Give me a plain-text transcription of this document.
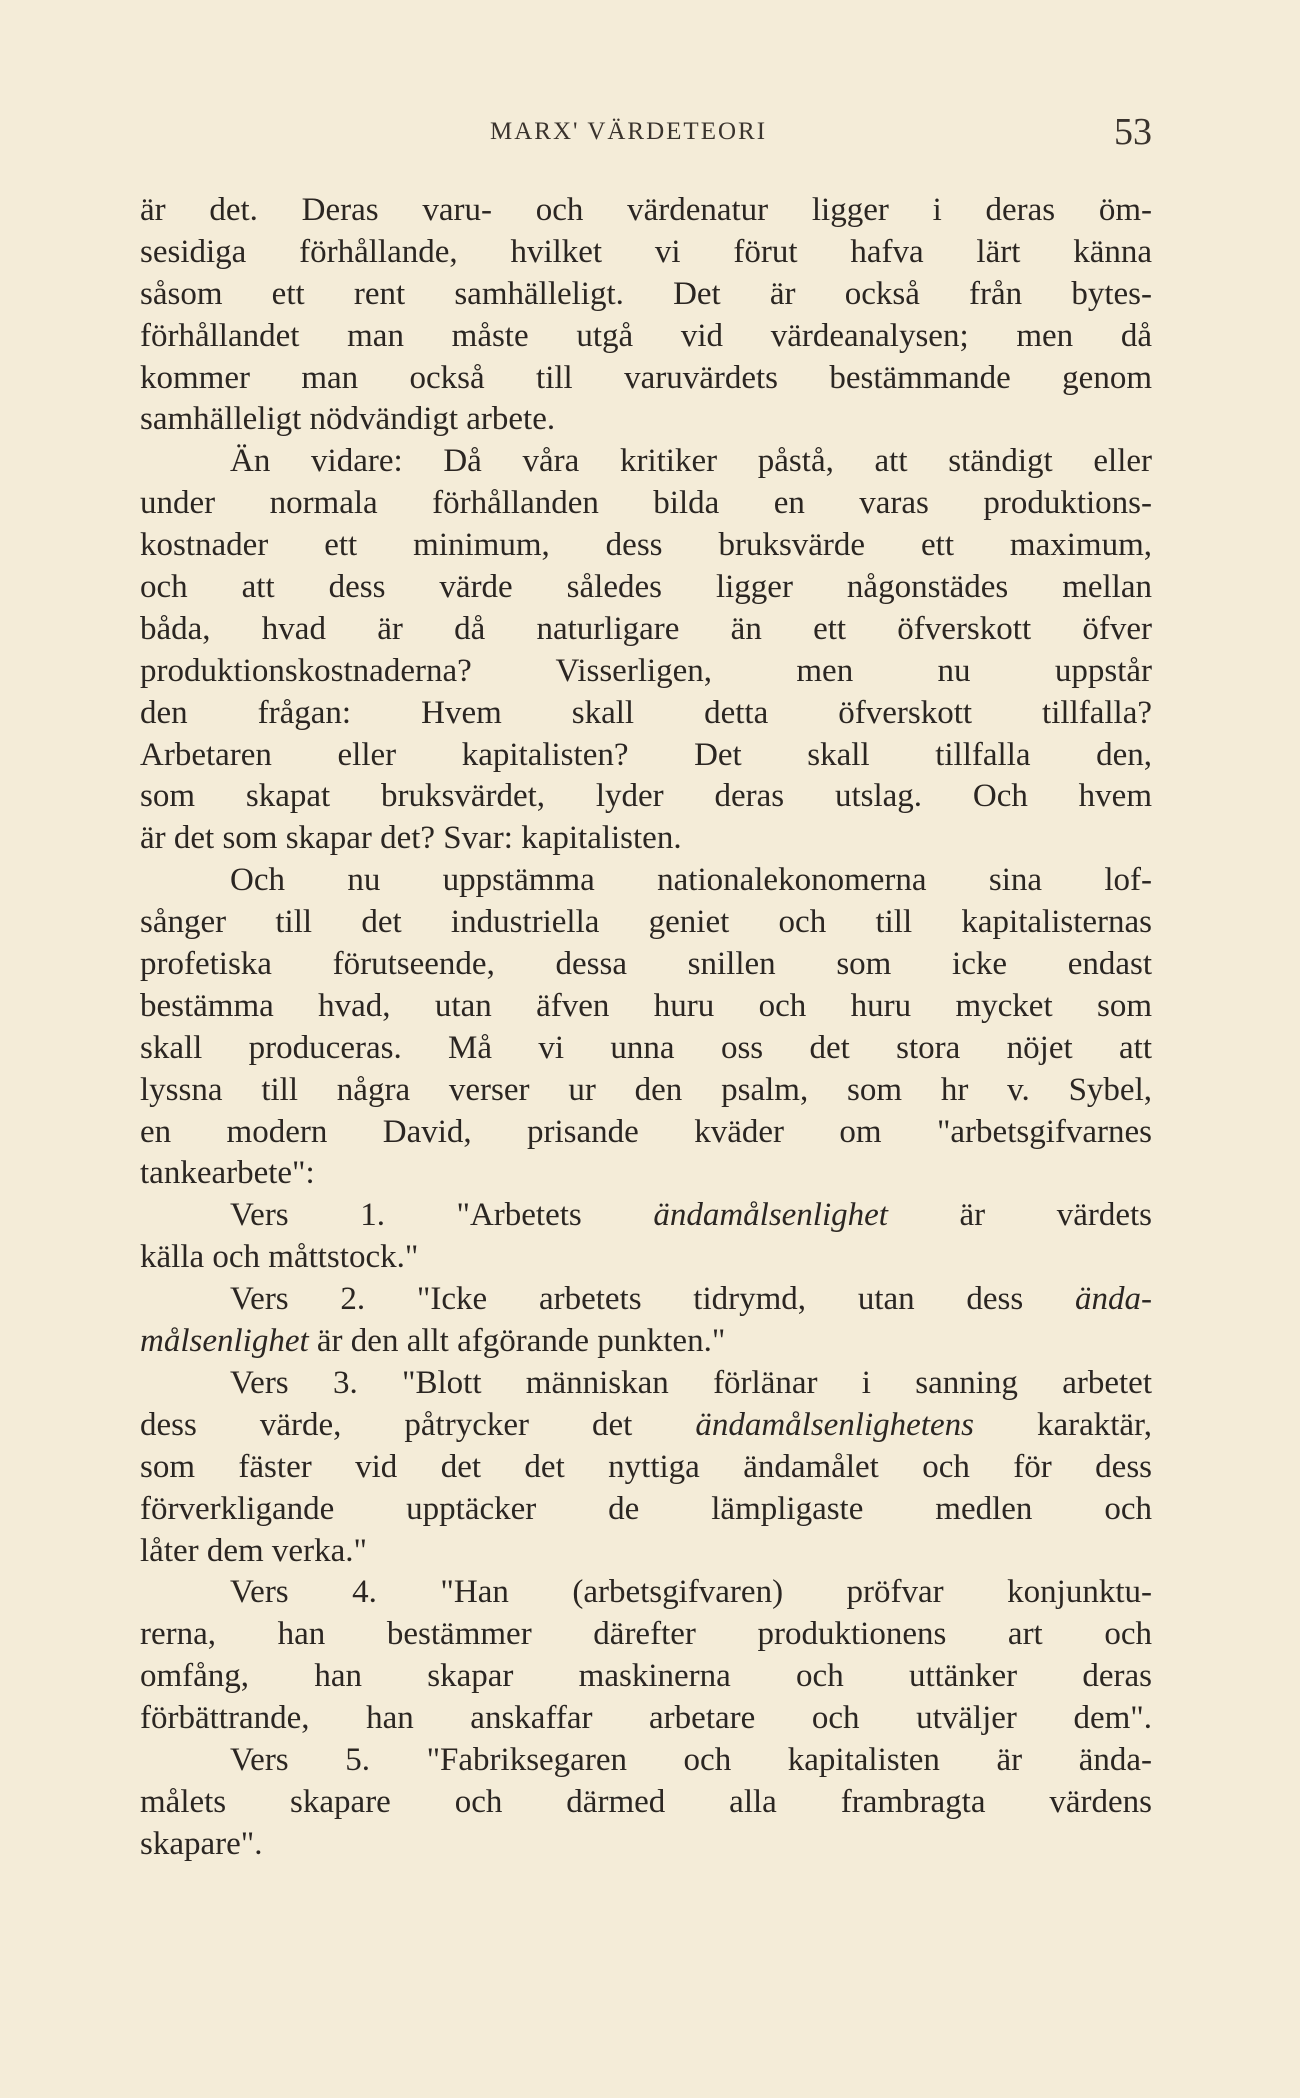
MARX' VÄRDETEORI	53
är det. Deras varu- och värdenatur ligger i deras öm-
sesidiga förhållande, hvilket vi förut hafva lärt känna
såsom ett rent samhälleligt. Det är också från bytes-
förhållandet man måste utgå vid värdeanalysen; men då
kommer man också till varuvärdets bestämmande genom
samhälleligt nödvändigt arbete.
Än vidare: Då våra kritiker påstå, att ständigt eller
under normala förhållanden bilda en varas produktions-
kostnader ett minimum, dess bruksvärde ett maximum,
och att dess värde således ligger någonstädes mellan
båda, hvad är då naturligare än ett öfverskott öfver
produktionskostnaderna? Visserligen, men nu uppstår
den frågan: Hvem skall detta öfverskott tillfalla?
Arbetaren eller kapitalisten? Det skall tillfalla den,
som skapat bruksvärdet, lyder deras utslag. Och hvem
är det som skapar det? Svar: kapitalisten.
Och nu uppstämma nationalekonomerna sina lof-
sånger till det industriella geniet och till kapitalisternas
profetiska förutseende, dessa snillen som icke endast
bestämma hvad, utan äfven huru och huru mycket som
skall produceras. Må vi unna oss det stora nöjet att
lyssna till några verser ur den psalm, som hr v. Sybel,
en modern David, prisande kväder om "arbetsgifvarnes
tankearbete":
Vers 1. "Arbetets ändamålsenlighet är värdets
källa och måttstock."
Vers 2. "Icke arbetets tidrymd, utan dess ända-
målsenlighet är den allt afgörande punkten."
Vers 3. "Blott människan förlänar i sanning arbetet
dess värde, påtrycker det ändamålsenlighetens karaktär,
som fäster vid det det nyttiga ändamålet och för dess
förverkligande upptäcker de lämpligaste medlen och
låter dem verka."
Vers 4. "Han (arbetsgifvaren) pröfvar konjunktu-
rerna, han bestämmer därefter produktionens art och
omfång, han skapar maskinerna och uttänker deras
förbättrande, han anskaffar arbetare och utväljer dem".
Vers 5. "Fabriksegaren och kapitalisten är ända-
målets skapare och därmed alla frambragta värdens
skapare".
